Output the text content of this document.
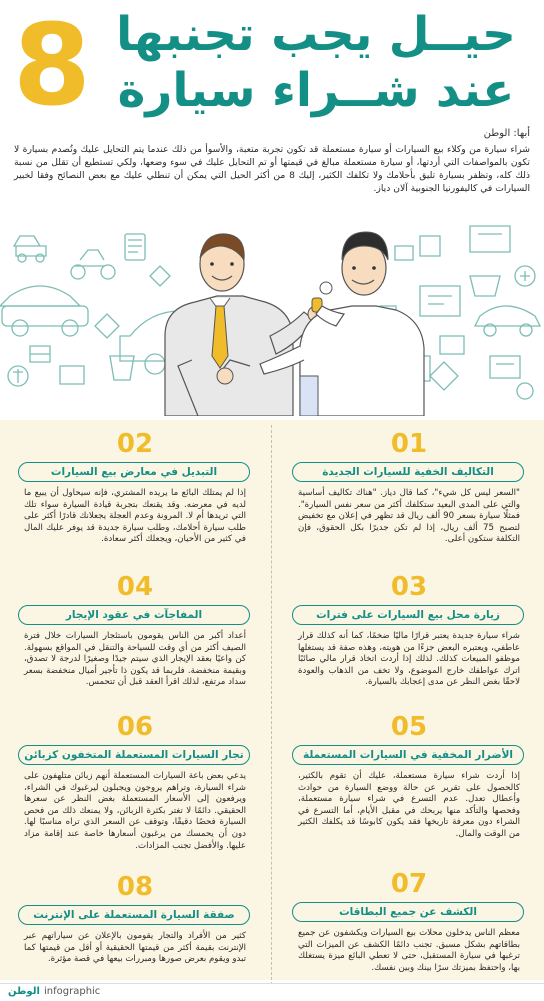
8 حيــل يجب تجنبها
عند شــراء سيارة
أبها: الوطن
شراء سيارة من وكلاء بيع السيارات أو سيارة مستعملة قد تكون تجربة متعبة، والأسوأ من ذلك عندما يتم التحايل عليك وتُصدم بسيارة لا تكون بالمواصفات التي أردتها، أو سيارة مستعملة مبالغ في قيمتها أو تم التحايل عليك في سوء وضعها، ولكي تستطيع أن تقلل من نسبة ذلك كله، وتظفر بسيارة تليق بأحلامك ولا تكلفك الكثير، إليك 8 من أكثر الحيل التي يمكن أن تنطلي عليك مع بعض النصائح وفقا لخبير السيارات في كاليفورنيا الجنوبية آلان دياز.
01
التكاليف الخفية للسيارات الجديدة
"السعر ليس كل شيء"، كما قال دياز. "هناك تكاليف أساسية والتي على المدى البعيد ستكلفك أكثر من سعر نفس السيارة". فمثلًا سيارة بسعر 90 ألف ريال قد تظهر في إعلان مع تخفيض لتصبح 75 ألف ريال، إذا لم تكن جديرًا بكل الحقوق، فإن التكلفة ستكون أعلى.
03
زيارة محل بيع السيارات على فترات
شراء سيارة جديدة يعتبر قرارًا ماليًا ضخمًا، كما أنه كذلك قرار عاطفي، ويعتبره البعض جزءًا من هويته، وهذه صفة قد يستغلها موظفو المبيعات كذلك. لذلك إذا أردت اتخاذ قرار مالي صائبًا اترك عواطفك خارج الموضوع، ولا تخف من الذهاب والعودة لاحقًا بغض النظر عن مدى إعجابك بالسيارة.
05
الأضرار المخفية في السيارات المستعملة
إذا أردت شراء سيارة مستعملة، عليك أن تقوم بالكثير، كالحصول على تقرير عن حالة ووضع السيارة من حوادث وأعطال تعدل. عدم التسرع في شراء سيارة مستعملة، وفحصها والتأكد منها يربحك في مقبل الأيام، أما التسرع في الشراء دون معرفة تاريخها فقد يكون كابوسًا قد يكلفك الكثير من الوقت والمال.
07
الكشف عن جميع البطاقات
معظم الناس يدخلون محلات بيع السيارات ويكشفون عن جميع بطاقاتهم بشكل مسبق. تجنب دائمًا الكشف عن الميزات التي ترغبها في سيارة المستقبل، حتى لا تعطي البائع ميزة يستغلك بها، واحتفظ بميزتك سرًا بينك وبين نفسك.
02
التبديل في معارض بيع السيارات
إذا لم يمتلك البائع ما يريده المشتري، فإنه سيحاول أن يبيع ما لديه في معرضه. وقد يقنعك بتجربة قيادة السيارة سواء تلك التي تريدها أم لا. المرونة وعدم العجلة يجعلانك قادرًا أكثر على طلب سيارة أحلامك، وطلب سيارة جديدة قد يوفر عليك المال في كثير من الأحيان، ويجعلك أكثر سعادة.
04
المفاجآت في عقود الإيجار
أعداد أكبر من الناس يقومون باستئجار السيارات خلال فترة الصيف أكثر من أي وقت للسياحة والتنقل في المواقع بسهولة. كن واعيًا بعقد الإيجار الذي سيتم جيدًا وصغيرًا لدرجة لا تصدق، وبقيمة منخفضة. فلربما قد يكون ذا تأجير أميال منخفضة بسعر سداد مرتفع، لذلك اقرأ العقد قبل أن تتحمس.
06
تجار السيارات المستعملة المتخفون كزبائن
يدعي بعض باعة السيارات المستعملة أنهم زبائن متلهفون على شراء السيارة، وتراهم يروجون ويجبلون ليرغبوك في الشراء، ويرفعون إلى الأسعار المستعملة بغض النظر عن سعرها الحقيقي. دائمًا لا تغتر بكثرة الزبائن، ولا يمنعك ذلك من فحص السيارة فحصًا دقيقًا، وتوقف عن السعر الذي تراه مناسبًا لها. دون أن يحمسك من يرغبون أسعارها خاصة عند إقامة مزاد عليها. والأفضل تجنب المزادات.
08
صفقة السيارة المستعملة على الإنترنت
كثير من الأفراد والتجار يقومون بالإعلان عن سياراتهم عبر الإنترنت بقيمة أكثر من قيمتها الحقيقية أو أقل من قيمتها كما تبدو ويقوم بعرض صورها ومبررات بيعها في قصة مؤثرة.
الوطن infographic
